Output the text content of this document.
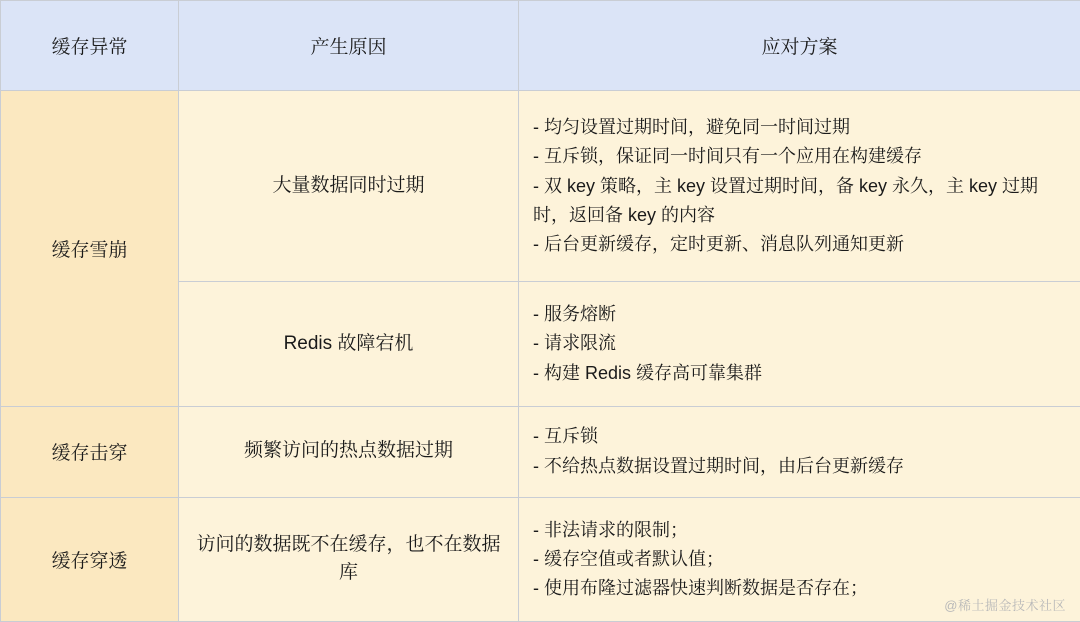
缓存异常	产生原因	应对方案
缓存雪崩	大量数据同时过期	- 均匀设置过期时间，避免同一时间过期
- 互斥锁，保证同一时间只有一个应用在构建缓存
- 双 key 策略，主 key 设置过期时间，备 key 永久，主 key 过期时，返回备 key 的内容
- 后台更新缓存，定时更新、消息队列通知更新

	Redis 故障宕机	- 服务熔断
- 请求限流
- 构建 Redis 缓存高可靠集群

缓存击穿	频繁访问的热点数据过期	- 互斥锁
- 不给热点数据设置过期时间，由后台更新缓存

缓存穿透	访问的数据既不在缓存，也不在数据库	- 非法请求的限制；
- 缓存空值或者默认值；
- 使用布隆过滤器快速判断数据是否存在；
@稀土掘金技术社区
